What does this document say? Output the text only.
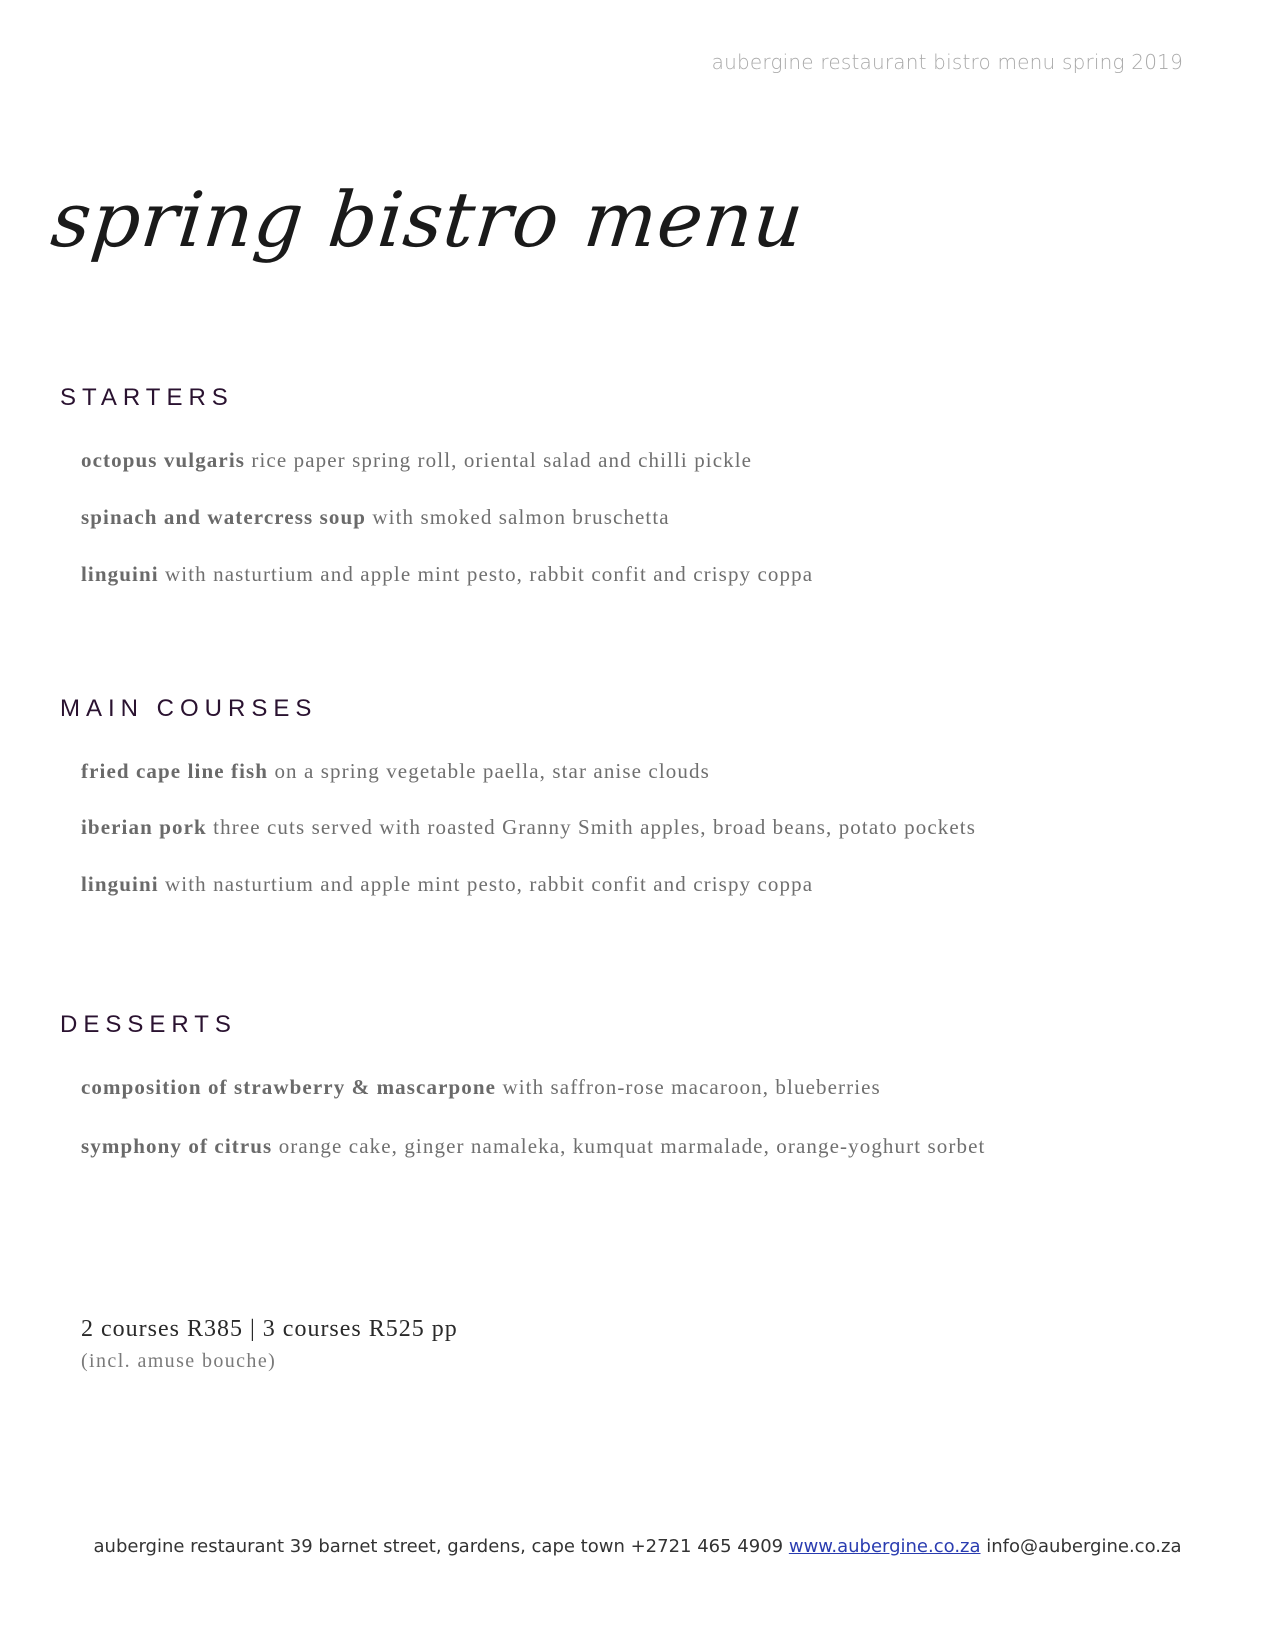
aubergine restaurant bistro menu spring 2019
spring bistro menu
STARTERS
octopus vulgaris rice paper spring roll, oriental salad and chilli pickle
spinach and watercress soup with smoked salmon bruschetta
linguini with nasturtium and apple mint pesto, rabbit confit and crispy coppa
MAIN COURSES
fried cape line fish on a spring vegetable paella, star anise clouds
iberian pork three cuts served with roasted Granny Smith apples, broad beans, potato pockets
linguini with nasturtium and apple mint pesto, rabbit confit and crispy coppa
DESSERTS
composition of strawberry & mascarpone with saffron-rose macaroon, blueberries
symphony of citrus orange cake, ginger namaleka, kumquat marmalade, orange-yoghurt sorbet
2 courses R385 | 3 courses R525 pp
(incl. amuse bouche)
aubergine restaurant 39 barnet street, gardens, cape town +2721 465 4909 www.aubergine.co.za info@aubergine.co.za
